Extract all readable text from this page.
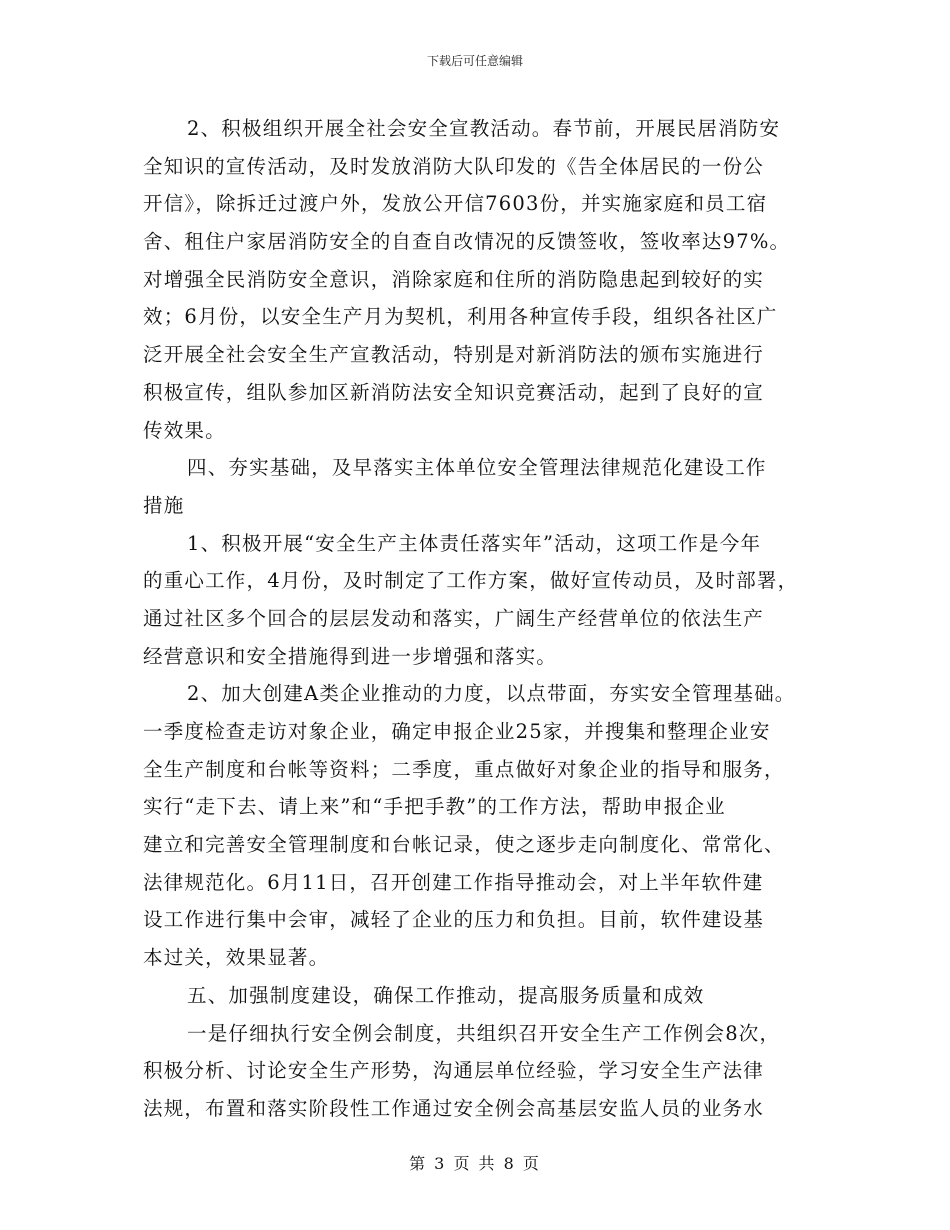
下载后可任意编辑
2、积极组织开展全社会安全宣教活动。春节前，开展民居消防安
全知识的宣传活动，及时发放消防大队印发的《告全体居民的一份公
开信》，除拆迁过渡户外，发放公开信7603份，并实施家庭和员工宿
舍、租住户家居消防安全的自查自改情况的反馈签收，签收率达97%。
对增强全民消防安全意识，消除家庭和住所的消防隐患起到较好的实
效；6月份，以安全生产月为契机，利用各种宣传手段，组织各社区广
泛开展全社会安全生产宣教活动，特别是对新消防法的颁布实施进行
积极宣传，组队参加区新消防法安全知识竞赛活动，起到了良好的宣
传效果。
四、夯实基础，及早落实主体单位安全管理法律规范化建设工作
措施
1、积极开展“安全生产主体责任落实年”活动，这项工作是今年
的重心工作，4月份，及时制定了工作方案，做好宣传动员，及时部署，
通过社区多个回合的层层发动和落实，广阔生产经营单位的依法生产
经营意识和安全措施得到进一步增强和落实。
2、加大创建A类企业推动的力度，以点带面，夯实安全管理基础。
一季度检查走访对象企业，确定申报企业25家，并搜集和整理企业安
全生产制度和台帐等资料；二季度，重点做好对象企业的指导和服务，
实行“走下去、请上来”和“手把手教”的工作方法，帮助申报企业
建立和完善安全管理制度和台帐记录，使之逐步走向制度化、常常化、
法律规范化。6月11日，召开创建工作指导推动会，对上半年软件建
设工作进行集中会审，减轻了企业的压力和负担。目前，软件建设基
本过关，效果显著。
五、加强制度建设，确保工作推动，提高服务质量和成效
一是仔细执行安全例会制度，共组织召开安全生产工作例会8次，
积极分析、讨论安全生产形势，沟通层单位经验，学习安全生产法律
法规，布置和落实阶段性工作通过安全例会高基层安监人员的业务水
第 3 页 共 8 页
